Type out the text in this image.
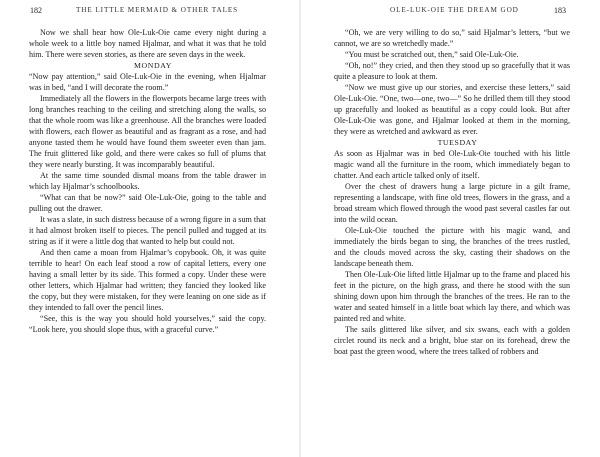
182	THE LITTLE MERMAID & OTHER TALES

Now we shall hear how Ole-Luk-Oie came every night during a whole week to a little boy named Hjalmar, and what it was that he told him. There were seven stories, as there are seven days in the week.

MONDAY

“Now pay attention,” said Ole-Luk-Oie in the evening, when Hjalmar was in bed, “and I will decorate the room.”

Immediately all the flowers in the flowerpots became large trees with long branches reaching to the ceiling and stretching along the walls, so that the whole room was like a greenhouse. All the branches were loaded with flowers, each flower as beautiful and as fragrant as a rose, and had anyone tasted them he would have found them sweeter even than jam. The fruit glittered like gold, and there were cakes so full of plums that they were nearly bursting. It was incomparably beautiful.

At the same time sounded dismal moans from the table drawer in which lay Hjalmar’s schoolbooks.

“What can that be now?” said Ole-Luk-Oie, going to the table and pulling out the drawer.

It was a slate, in such distress because of a wrong figure in a sum that it had almost broken itself to pieces. The pencil pulled and tugged at its string as if it were a little dog that wanted to help but could not.

And then came a moan from Hjalmar’s copybook. Oh, it was quite terrible to hear! On each leaf stood a row of capital letters, every one having a small letter by its side. This formed a copy. Under these were other letters, which Hjalmar had written; they fancied they looked like the copy, but they were mistaken, for they were leaning on one side as if they intended to fall over the pencil lines.

“See, this is the way you should hold yourselves,” said the copy. “Look here, you should slope thus, with a graceful curve.”

OLE-LUK-OIE THE DREAM GOD	183

“Oh, we are very willing to do so,” said Hjalmar’s letters, “but we cannot, we are so wretchedly made.”

“You must be scratched out, then,” said Ole-Luk-Oie.

“Oh, no!” they cried, and then they stood up so gracefully that it was quite a pleasure to look at them.

“Now we must give up our stories, and exercise these letters,” said Ole-Luk-Oie. “One, two—one, two—” So he drilled them till they stood up gracefully and looked as beautiful as a copy could look. But after Ole-Luk-Oie was gone, and Hjalmar looked at them in the morning, they were as wretched and awkward as ever.

TUESDAY

As soon as Hjalmar was in bed Ole-Luk-Oie touched with his little magic wand all the furniture in the room, which immediately began to chatter. And each article talked only of itself.

Over the chest of drawers hung a large picture in a gilt frame, representing a landscape, with fine old trees, flowers in the grass, and a broad stream which flowed through the wood past several castles far out into the wild ocean.

Ole-Luk-Oie touched the picture with his magic wand, and immediately the birds began to sing, the branches of the trees rustled, and the clouds moved across the sky, casting their shadows on the landscape beneath them.

Then Ole-Luk-Oie lifted little Hjalmar up to the frame and placed his feet in the picture, on the high grass, and there he stood with the sun shining down upon him through the branches of the trees. He ran to the water and seated himself in a little boat which lay there, and which was painted red and white.

The sails glittered like silver, and six swans, each with a golden circlet round its neck and a bright, blue star on its forehead, drew the boat past the green wood, where the trees talked of robbers and
